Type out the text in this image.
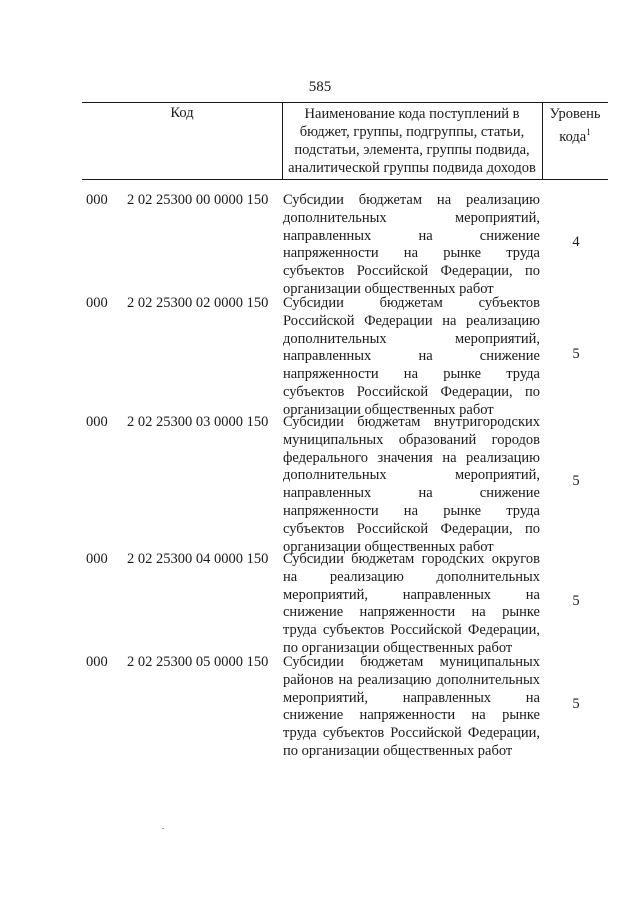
585
Код	Наименование кода поступлений в
бюджет, группы, подгруппы, статьи,
подстатьи, элемента, группы подвида,
аналитической группы подвида доходов
Уровень
кода$^1$
000 2 02 25300 00 0000 150 Субсидии бюджетам на реализацию
дополнительных мероприятий,
направленных на снижение
напряженности на рынке труда
субъектов Российской Федерации, по
организации общественных работ
4
000 2 02 25300 02 0000 150 Субсидии бюджетам субъектов
Российской Федерации на реализацию
дополнительных мероприятий,
направленных на снижение
напряженности на рынке труда
субъектов Российской Федерации, по
организации общественных работ
5
000 2 02 25300 03 0000 150 Субсидии бюджетам внутригородских
муниципальных образований городов
федерального значения на реализацию
дополнительных мероприятий,
направленных на снижение
напряженности на рынке труда
субъектов Российской Федерации, по
организации общественных работ
5
000 2 02 25300 04 0000 150 Субсидии бюджетам городских округов
на реализацию дополнительных
мероприятий, направленных на
снижение напряженности на рынке
труда субъектов Российской Федерации,
по организации общественных работ
5
000 2 02 25300 05 0000 150 Субсидии бюджетам муниципальных
районов на реализацию дополнительных
мероприятий, направленных на
снижение напряженности на рынке
труда субъектов Российской Федерации,
по организации общественных работ
5
